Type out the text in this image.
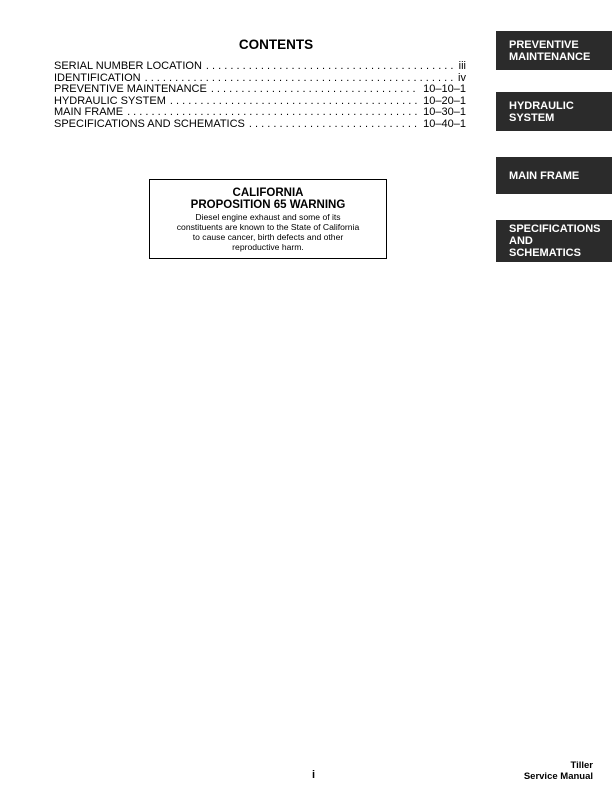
CONTENTS
SERIAL NUMBER LOCATION . . .	iii
IDENTIFICATION . . .	iv
PREVENTIVE MAINTENANCE . . .	10–10–1
HYDRAULIC SYSTEM . . .	10–20–1
MAIN FRAME . . .	10–30–1
SPECIFICATIONS AND SCHEMATICS . . .	10–40–1
CALIFORNIA
PROPOSITION 65 WARNING
Diesel engine exhaust and some of its
constituents are known to the State of California
to cause cancer, birth defects and other
reproductive harm.
PREVENTIVE
MAINTENANCE
HYDRAULIC
SYSTEM
MAIN FRAME
SPECIFICATIONS
AND
SCHEMATICS
i
Tiller
Service Manual
